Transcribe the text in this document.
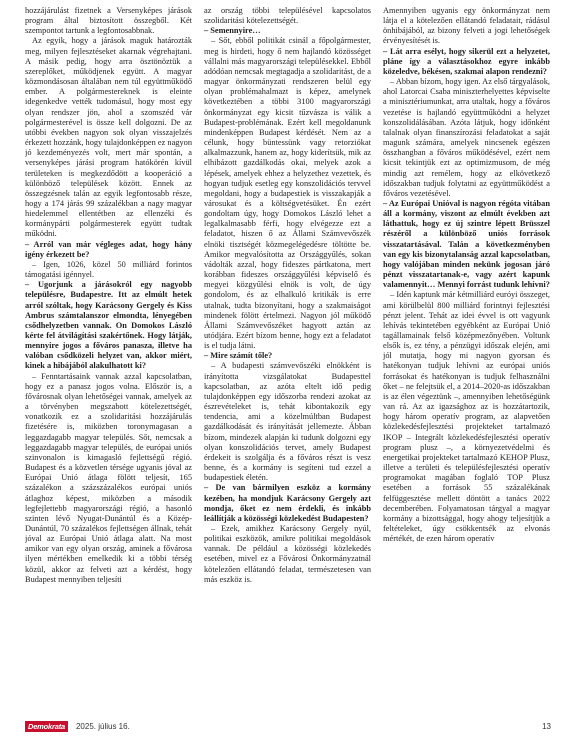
hozzájárulást fizetnek a Versenyképes járások program által biztosított összegből. Két szempontot tartunk a legfontosabbnak.

Az egyik, hogy a járások maguk határozták meg, milyen fejlesztéseket akarnak végrehajtani. A másik pedig, hogy arra ösztönöztük a szereplőket, működjenek együtt. A magyar közmondásosan általában nem túl együttműködő ember. A polgármestereknek is eleinte idegenkedve vették tudomásul, hogy most egy olyan rendszer jön, ahol a szomszéd vár polgármesterével is össze kell dolgozni. De az utóbbi években nagyon sok olyan visszajelzés érkezett hozzánk, hogy tulajdonképpen ez nagyon jó kezdeményezés volt, mert már spontán, a versenyképes járási program hatókörén kívül területeken is megkezdődött a kooperáció a különböző települések között. Ennek az összegzésnek talán az egyik legfontosabb része, hogy a 174 járás 99 százalékban a nagy magyar hiedelemmel ellentétben az ellenzéki és kormánypárti polgármesterek együtt tudtak működni.

– Arról van már végleges adat, hogy hány igény érkezett be?

– Igen, 1026, közel 50 milliárd forintos támogatási igénnyel.

– Ugorjunk a járásokról egy nagyobb településre, Budapestre. Itt az elmúlt hetek arról szóltak, hogy Karácsony Gergely és Kiss Ambrus számtalanszor elmondta, lényegében csődhelyzetben vannak. On Domokos László kérte fel átvilágítási szakértőnek. Hogy látják, mennyire jogos a főváros panasza, illetve ha valóban csődközeli helyzet van, akkor miért, kinek a hibájából alakulhatott ki?

– Fenntartásaink vannak azzal kapcsolatban, hogy ez a panasz jogos volna. Először is, a fővárosnak olyan lehetőségei vannak, amelyek az a törvényben megszabott kötelezettségét, vonatkozik ez a szolidaritási hozzájárulás fizetésére is, miközben toronymagasan a leggazdagabb magyar település. Sőt, nemcsak a leggazdagabb magyar település, de európai uniós szinvonalon is kimagasló fejlettségű régió. Budapest és a közvetlen térsége ugyanis jóval az Európai Unió átlaga fölött teljesít, 165 százalékon a százszázalékos európai uniós átlaghoz képest, miközben a második legfejlettebb magyarországi régió, a hasonló szinten lévő Nyugat-Dunántúl és a Közép-Dunántúl, 70 százalékos fejlettségen állnak, tehát jóval az Európai Unió átlaga alatt. Na most amikor van egy olyan ország, aminek a fővárosa ilyen mértékben emelkedik ki a többi térség közül, akkor az felveti azt a kérdést, hogy Budapest mennyiben teljesíti

az ország többi településével kapcsolatos szolidaritási kötelezettségét.

– Semennyire…

– Sőt, ebből politikát csinál a főpolgármester, meg is hirdeti, hogy ő nem hajlandó közösséget vállalni más magyarországi településekkel. Ebből adódóan nemcsak megtagadja a szolidaritást, de a magyar önkormányzati rendszeren belül egy olyan problémahalmazt is képez, amelynek következtében a többi 3100 magyarországi önkormányzat egy kicsit tűzvásza is válik a Budapest-problémának. Ezért kell megoldanunk mindenképpen Budapest kérdését. Nem az a célunk, hogy büntessünk vagy retorziókat alkalmazzunk, hanem az, hogy kiderítsük, mik az elhibázott gazdálkodás okai, melyek azok a lépések, amelyek ehhez a helyzethez vezettek, és hogyan tudjuk esetleg egy konszolidációs tervvel megoldani, hogy a budapestiek is visszakapják a városukat és a költségvetésüket. Én ezért gondoltam úgy, hogy Domokos László lehet a legalkalmasabb férfi, hogy elvégezze ezt a feladatot, hiszen ő az Állami Számvevőszék elnöki tisztségét közmegelégedésre töltötte be. Amikor megvalósította az Országgyűlés, sokan vádolták azzal, hogy fideszes pártkatona, mert korábban fideszes országgyűlési képviselő és megyei közgyűlési elnök is volt, de úgy gondolom, és az elhalkuló kritikák is erre utalnak, tudta bizonyítani, hogy a szakmaiságot mindenek fölött értelmezi. Nagyon jól működő Állami Számvevőszéket hagyott aztán az utódjára. Ezért bízom benne, hogy ezt a feladatot is el tudja látni.

– Mire számít tőle?

– A budapesti számvevőszéki elnökként is irányította vizsgálatokat Budapesttel kapcsolatban, az azóta eltelt idő pedig tulajdonképpen egy időszorba rendezi azokat az észrevételeket is, tehát kibontakozik egy tendencia, ami a közelmúltban Budapest gazdálkodását és irányítását jellemezte. Ábban bízom, mindezek alapján ki tudunk dolgozni egy olyan konszolidációs tervet, amely Budapest érdekeit is szolgálja és a főváros részt is vesz benne, és a kormány is segíteni tud ezzel a budapestiek életén.

– De van bármilyen eszköz a kormány kezében, ha mondjuk Karácsony Gergely azt mondja, őket ez nem érdekli, és inkább leállítják a közösségi közlekedést Budapesten?

– Ezek, amikhez Karácsony Gergely nyúl, politikai eszközök, amikre politikai megoldások vannak. De például a közösségi közlekedés esetében, mivel ez a Fővárosi Önkormányzatnál kötelezően ellátandó feladat, természetesen van más eszköz is.

Amennyiben ugyanis egy önkormányzat nem látja el a kötelezően ellátandó feladatait, rádásul önhibájából, az bizony felveti a jogi lehetőségek érvényesítését is.

– Lát arra esélyt, hogy sikerül ezt a helyzetet, pláne így a választásokhoz egyre inkább közeledve, békésen, szakmai alapon rendezni?

– Abban bízom, hogy igen. Az első tárgyalások, ahol Latorcai Csaba miniszterhelyettes képviselte a minisztériumunkat, arra utaltak, hogy a főváros vezetése is hajlandó együttműködni a helyzet konszolidálásában. Azóta látjuk, hogy időnként talalnak olyan finanszírozási feladatokat a saját magunk számára, amelyek nincsenek egészen összhangban a főváros működésével, ezért nem kicsit tekintjük ezt az optimizmusom, de még mindig azt remélem, hogy az elkövetkező időszakban tudjuk folytatni az együttműködést a főváros vezetésével.

– Az Európai Unióval is nagyon régóta vitában áll a kormány, viszont az elmúlt években azt láthattuk, hogy ez új szintre lépett Brüsszel részéről a különböző uniós források visszatartásával. Talán a következményben van egy kis bizonytalanság azzal kapcsolatban, hogy valójában minden nekünk jogosan járó pénzt visszatartanak-e, vagy azért kapunk valamennyit… Mennyi forrást tudunk lehívni?

– Idén kaptunk már kétmilliárd euróyi összeget, ami körülbelül 800 milliárd forintnyi fejlesztési pénzt jelent. Tehát az idei évvel is ott vagyunk lehívás tekintetében egyébként az Európai Unió tagállamainak felső középmezőnyében. Voltunk elsők is, ez tény, a pénzügyi időszak elején, ami jól mutatja, hogy mi nagyon gyorsan és hatékonyan tudjuk lehívni az európai uniós forrásokat és hatékonyan is tudjuk felhasználni őket – ne felejtsük el, a 2014–2020-as időszakban is az élen végeztünk –, amennyiben lehetőségünk van rá. Az az igazsághoz az is hozzátartozik, hogy három operatív program, az alapvetően közlekedésfejlesztési projekteket tartalmazó IKOP – Integrált közlekedésfejlesztési operatív program plusz –, a környezetvédelmi és energetikai projekteket tartalmazó KEHOP Plusz, illetve a területi és településfejlesztési operatív programokat magában foglaló TOP Plusz esetében a források 55 százalékának felfüggesztése mellett döntött a tanács 2022 decemberében. Folyamatosan tárgyal a magyar kormány a bizottsággal, hogy ahogy teljesítjük a feltételeket, úgy csökkentsék az elvonás mértékét, de ezen három operatív

Demokrata	2025. július 16.	13
